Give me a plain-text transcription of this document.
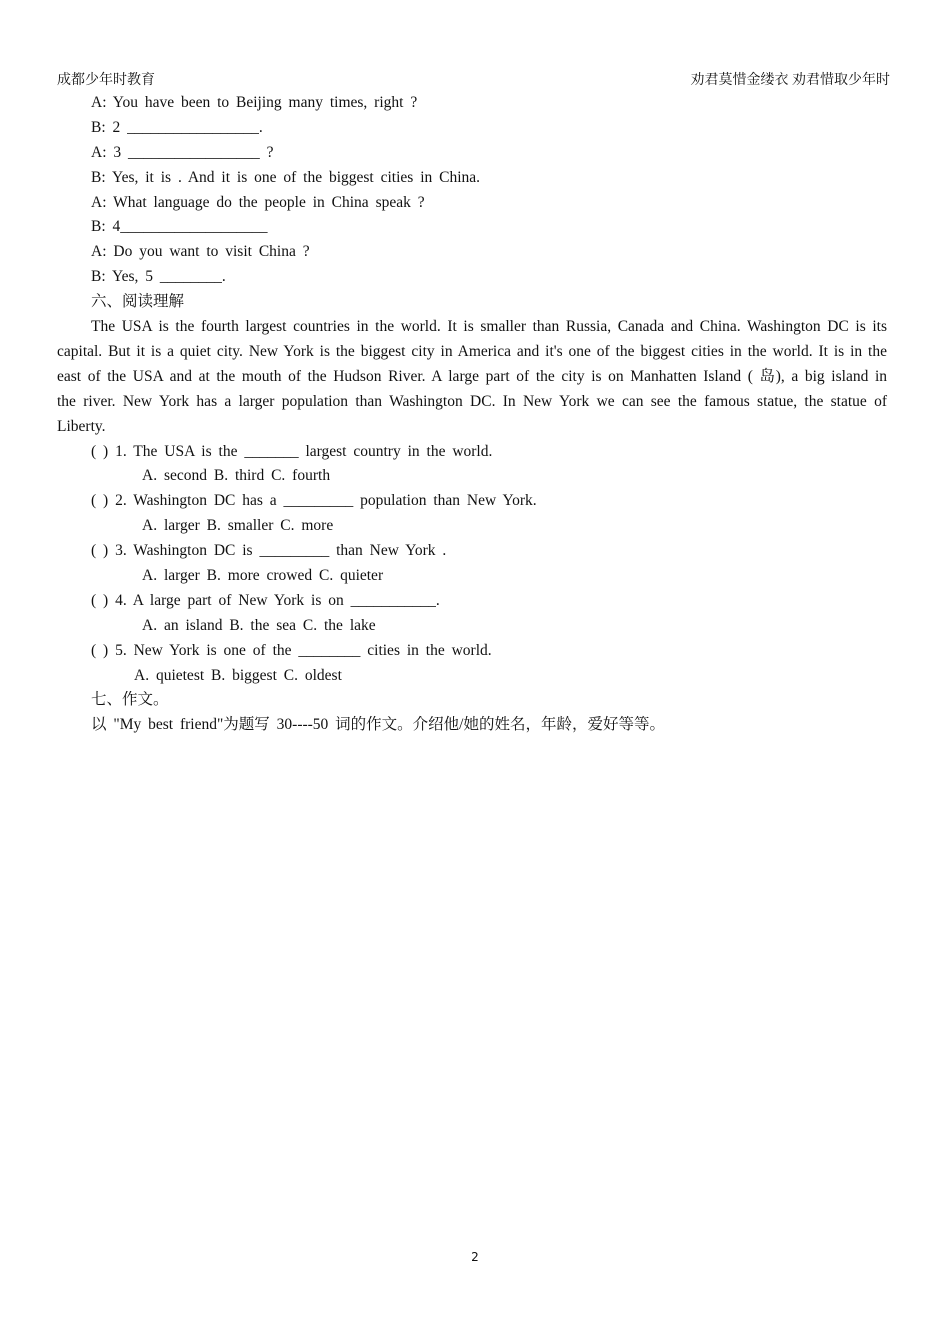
成都少年时教育	劝君莫惜金缕衣 劝君惜取少年时
A: You have been to Beijing many times, right ?
B: 2 _________________.
A: 3 _________________ ?
B: Yes, it is . And it is one of the biggest cities in China.
A: What language do the people in China speak ?
B: 4___________________
A: Do you want to visit China ?
B: Yes, 5 ________.
六、阅读理解

The USA is the fourth largest countries in the world. It is smaller than Russia, Canada and China. Washington DC is its capital. But it is a quiet city. New York is the biggest city in America and it's one of the biggest cities in the world. It is in the east of the USA and at the mouth of the Hudson River. A large part of the city is on Manhatten Island ( 岛), a big island in the river. New York has a larger population than Washington DC. In New York we can see the famous statue, the statue of Liberty.

( ) 1. The USA is the _______ largest country in the world.
A. second B. third C. fourth
( ) 2. Washington DC has a _________ population than New York.
A. larger B. smaller C. more
( ) 3. Washington DC is _________ than New York .
A. larger B. more crowed C. quieter
( ) 4. A large part of New York is on ___________.
A. an island B. the sea C. the lake
( ) 5. New York is one of the ________ cities in the world.
A. quietest B. biggest C. oldest
七、作文。
以 "My best friend"为题写 30----50 词的作文。介绍他/她的姓名，年龄，爱好等等。
2
